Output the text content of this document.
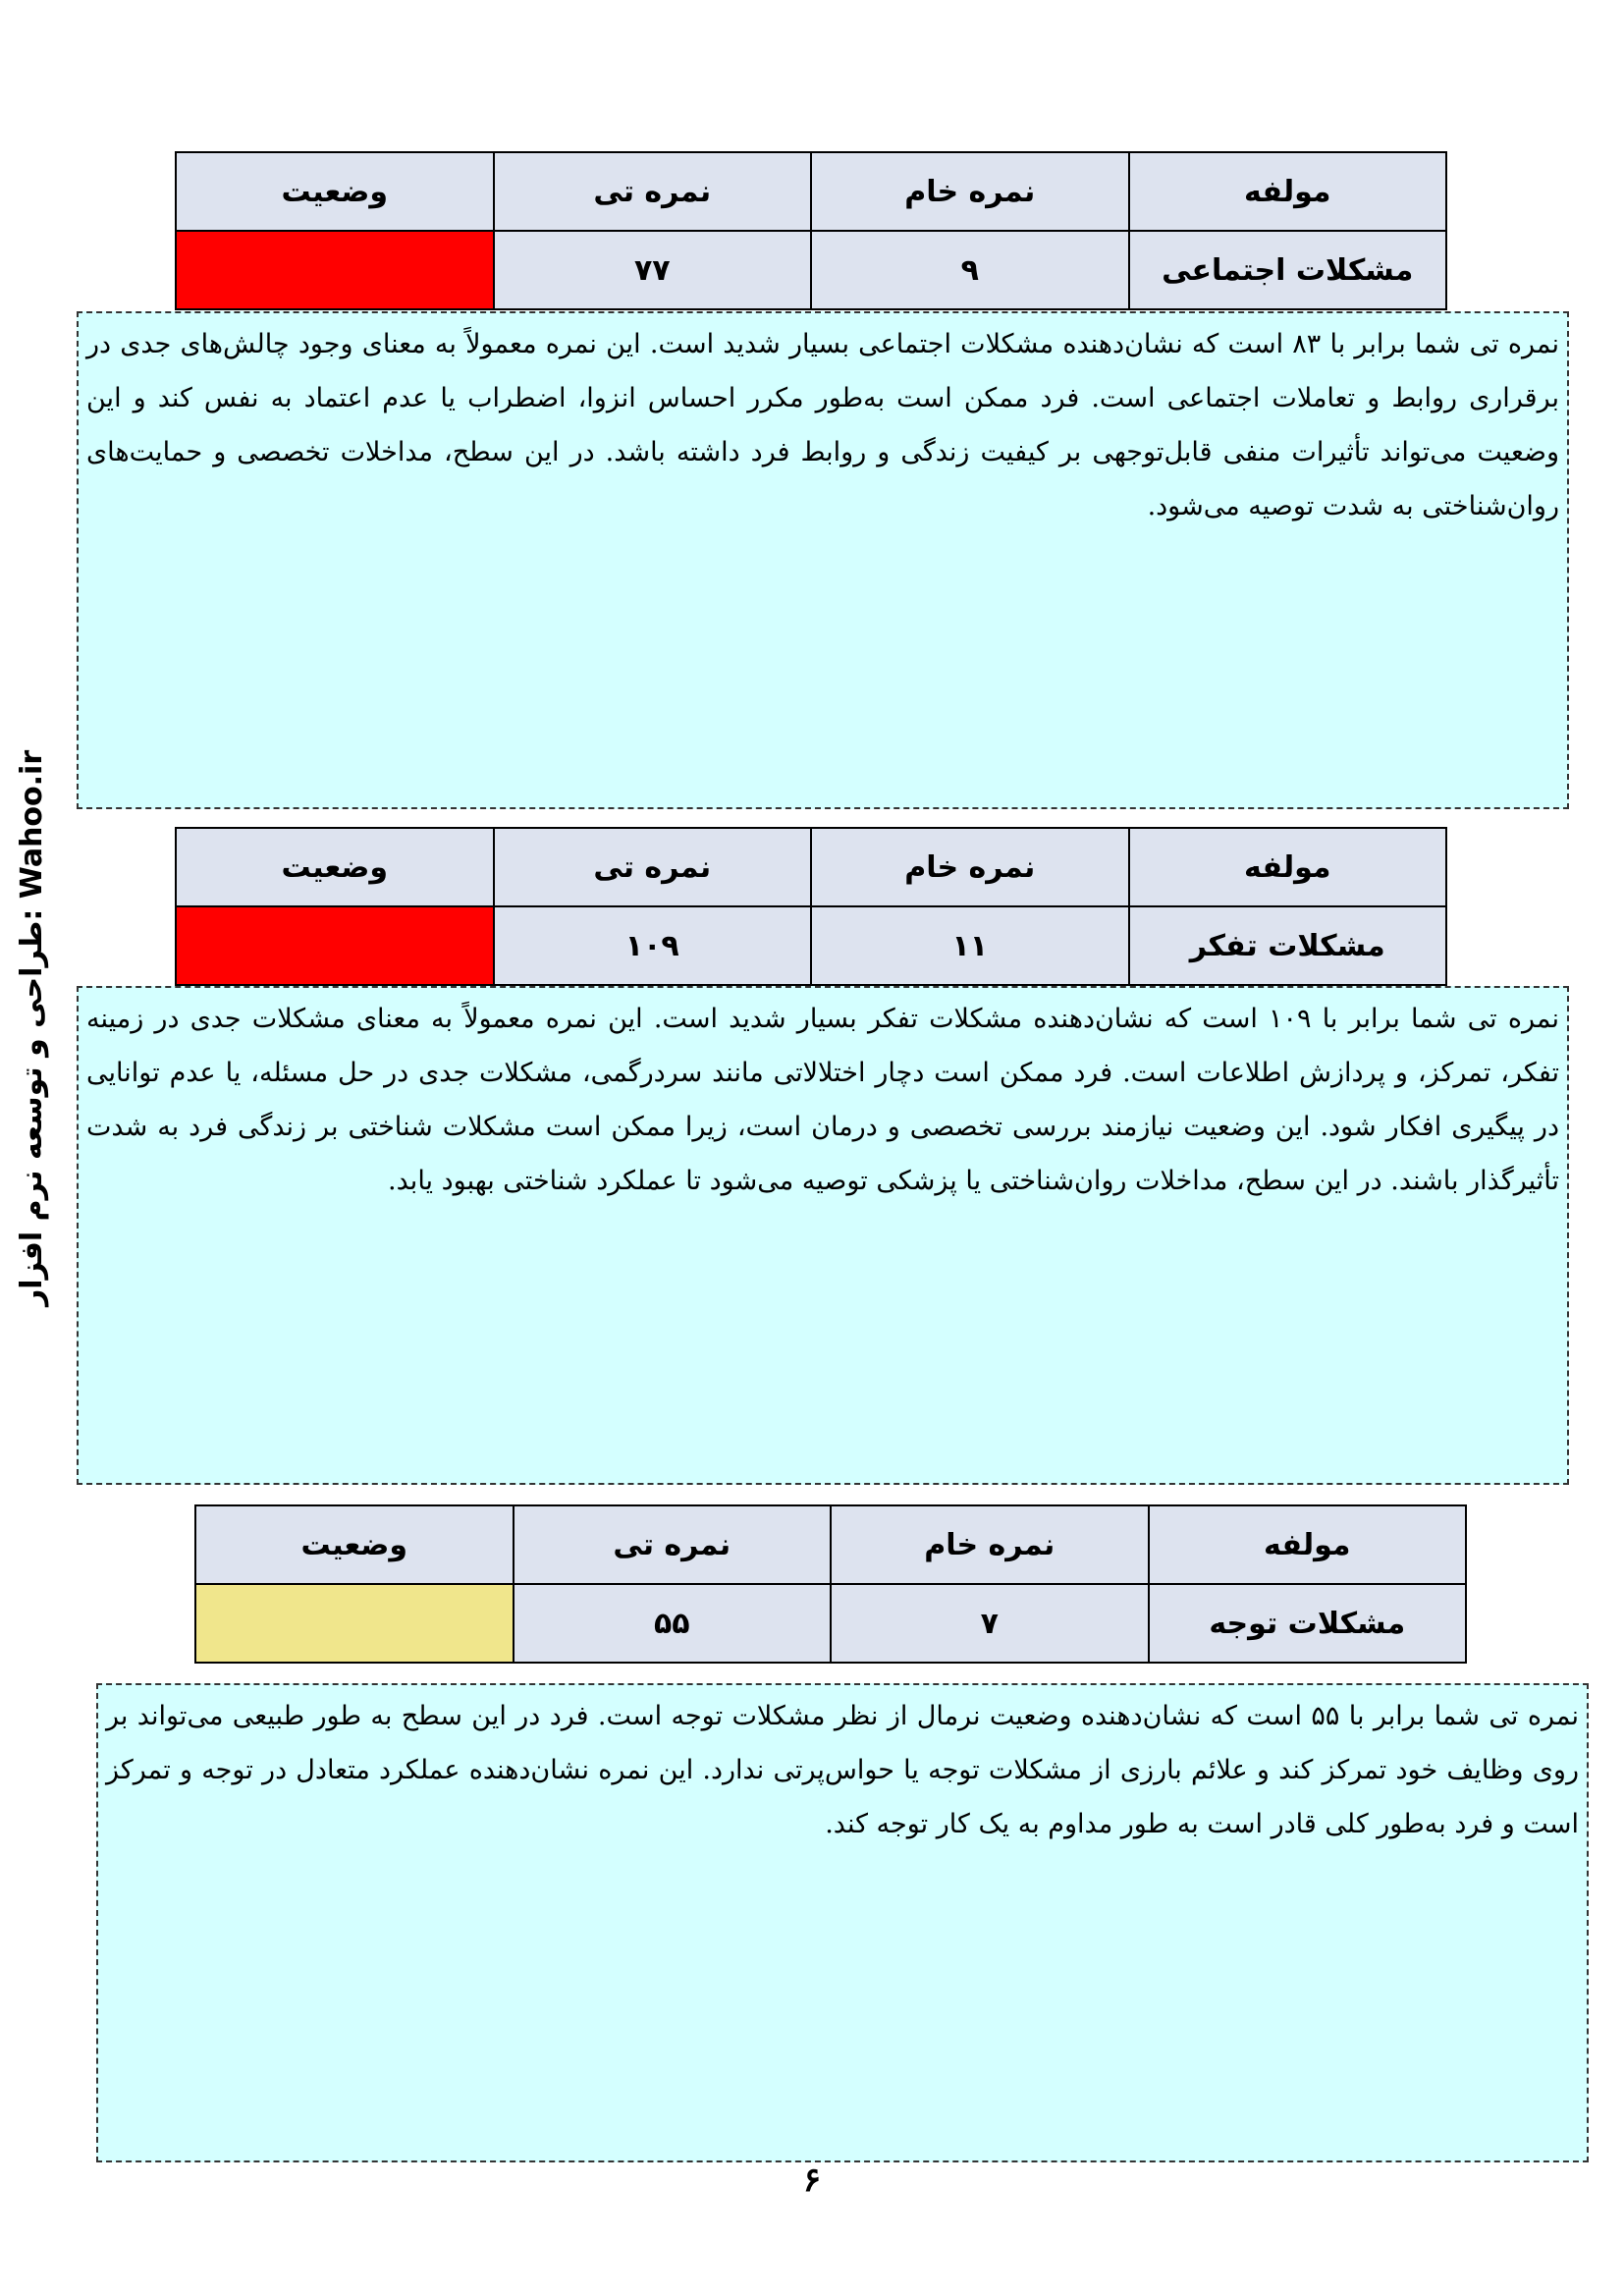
مولفه	نمره خام	نمره تی	وضعیت
مشکلات اجتماعی	۹	۷۷	
نمره تی شما برابر با ۸۳ است که نشان‌دهنده مشکلات اجتماعی بسیار شدید است. این نمره معمولاً به معنای وجود چالش‌های جدی در برقراری روابط و تعاملات اجتماعی است. فرد ممکن است به‌طور مکرر احساس انزوا، اضطراب یا عدم اعتماد به نفس کند و این وضعیت می‌تواند تأثیرات منفی قابل‌توجهی بر کیفیت زندگی و روابط فرد داشته باشد. در این سطح، مداخلات تخصصی و حمایت‌های روان‌شناختی به شدت توصیه می‌شود.
مولفه	نمره خام	نمره تی	وضعیت
مشکلات تفکر	۱۱	۱۰۹	
نمره تی شما برابر با ۱۰۹ است که نشان‌دهنده مشکلات تفکر بسیار شدید است. این نمره معمولاً به معنای مشکلات جدی در زمینه تفکر، تمرکز، و پردازش اطلاعات است. فرد ممکن است دچار اختلالاتی مانند سردرگمی، مشکلات جدی در حل مسئله، یا عدم توانایی در پیگیری افکار شود. این وضعیت نیازمند بررسی تخصصی و درمان است، زیرا ممکن است مشکلات شناختی بر زندگی فرد به شدت تأثیرگذار باشند. در این سطح، مداخلات روان‌شناختی یا پزشکی توصیه می‌شود تا عملکرد شناختی بهبود یابد.
مولفه	نمره خام	نمره تی	وضعیت
مشکلات توجه	۷	۵۵	
نمره تی شما برابر با ۵۵ است که نشان‌دهنده وضعیت نرمال از نظر مشکلات توجه است. فرد در این سطح به طور طبیعی می‌تواند بر روی وظایف خود تمرکز کند و علائم بارزی از مشکلات توجه یا حواس‌پرتی ندارد. این نمره نشان‌دهنده عملکرد متعادل در توجه و تمرکز است و فرد به‌طور کلی قادر است به طور مداوم به یک کار توجه کند.
طراحی و توسعه نرم افزار: Wahoo.ir
۶
